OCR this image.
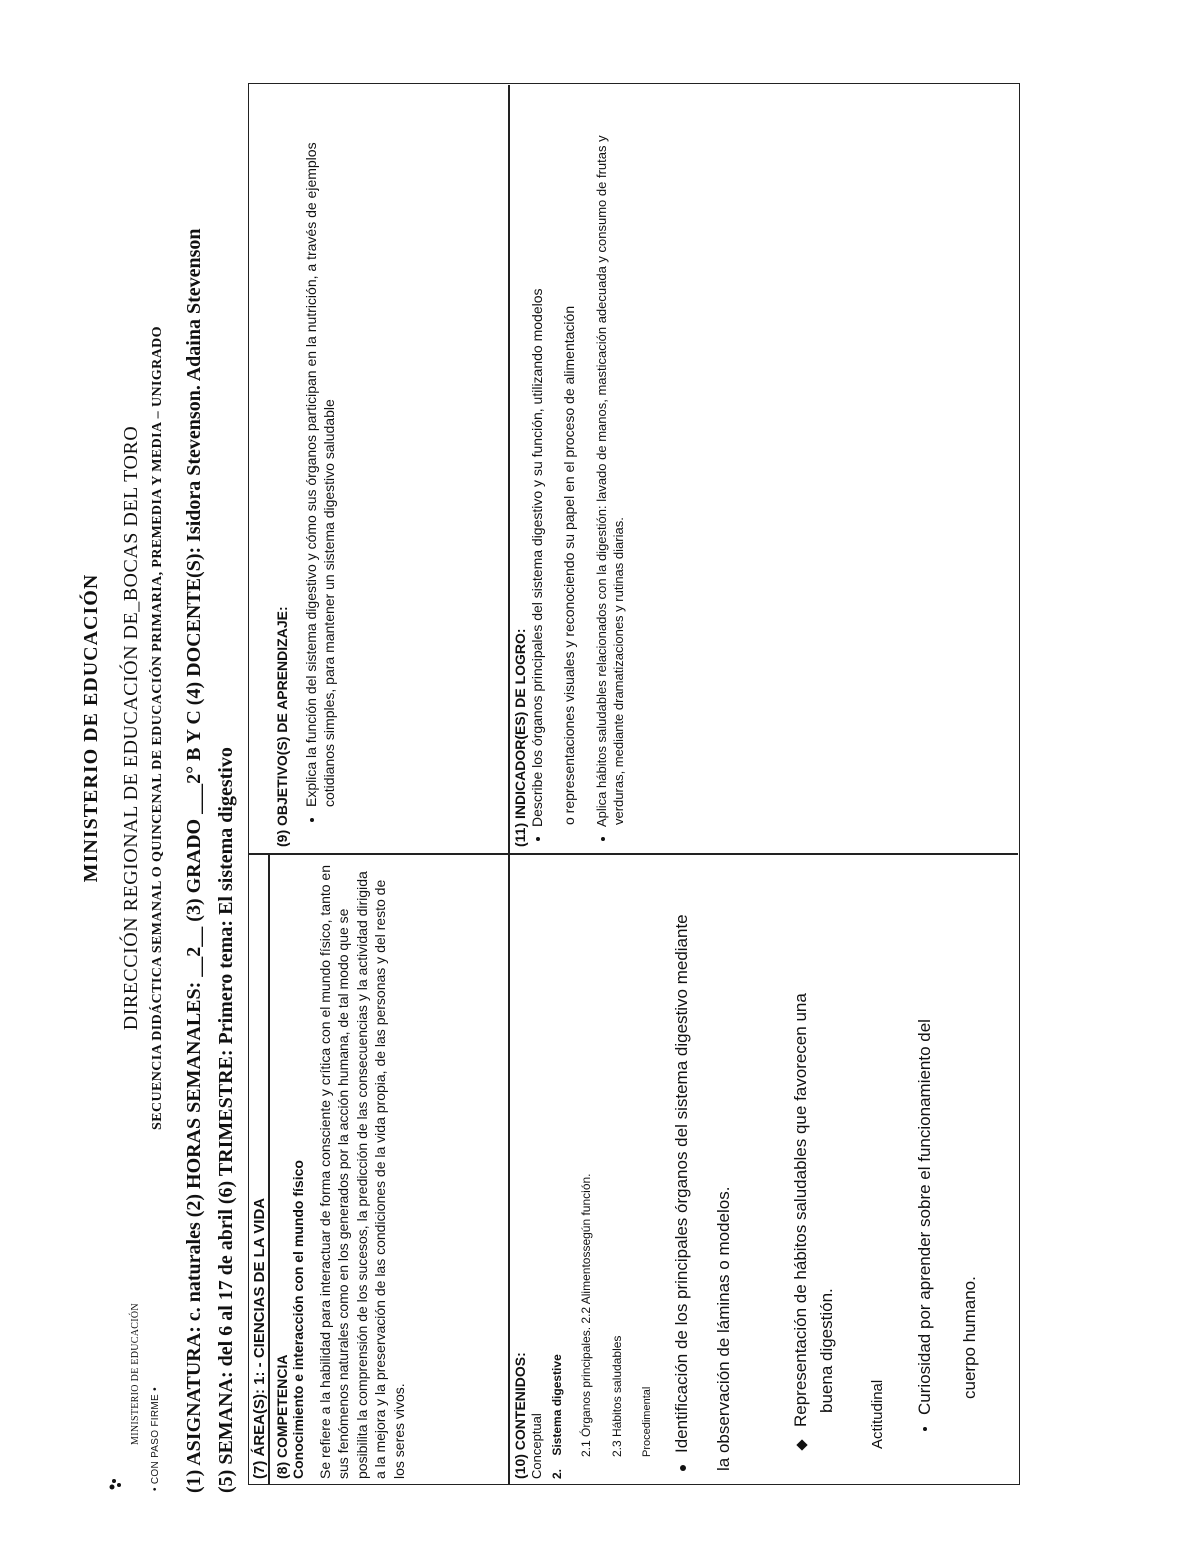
MINISTERIO DE EDUCACIÓN • CON PASO FIRME •
MINISTERIO DE EDUCACIÓN DIRECCIÓN REGIONAL DE EDUCACIÓN DE_BOCAS DEL TORO SECUENCIA DIDÁCTICA SEMANAL O QUINCENAL DE EDUCACIÓN PRIMARIA, PREMEDIA Y MEDIA – UNIGRADO (1) ASIGNATURA: c. naturales (2) HORAS SEMANALES: __2__ (3) GRADO ___2° B Y C (4) DOCENTE(S): Isidora Stevenson. Adaina Stevenson (5) SEMANA: del 6 al 17 de abril (6) TRIMESTRE: Primero tema: El sistema digestivo (7) ÁREA(S): 1: - CIENCIAS DE LA VIDA (8) COMPETENCIA Conocimiento e interacción con el mundo físico Se refiere a la habilidad para interactuar de forma consciente y crítica con el mundo físico, tanto en sus fenómenos naturales como en los generados por la acción humana, de tal modo que se posibilita la comprensión de los sucesos, la predicción de las consecuencias y la actividad dirigida a la mejora y la preservación de las condiciones de la vida propia, de las personas y del resto de los seres vivos.
(9) OBJETIVO(S) DE APRENDIZAJE:
• Explica la función del sistema digestivo y cómo sus órganos participan en la nutrición, a través de ejemplos cotidianos simples, para mantener un sistema digestivo saludable
(10) CONTENIDOS: Conceptual 2. Sistema digestive 2.1 Órganos principales. 2.2 Alimentossegún función. 2.3 Hábitos saludables Procedimental Identificación de los principales órganos del sistema digestivo mediante la observación de láminas o modelos.	Representación de hábitos saludables que favorecen una buena digestión.
Actitudinal Curiosidad por aprender sobre el funcionamiento del cuerpo humano.
(11) INDICADOR(ES) DE LOGRO: Describe los órganos principales del sistema digestivo y su función, utilizando modelos o representaciones visuales y reconociendo su papel en el proceso de alimentación Aplica hábitos saludables relacionados con la digestión: lavado de manos, masticación adecuada y consumo de frutas y verduras, mediante dramatizaciones y rutinas diarias.
